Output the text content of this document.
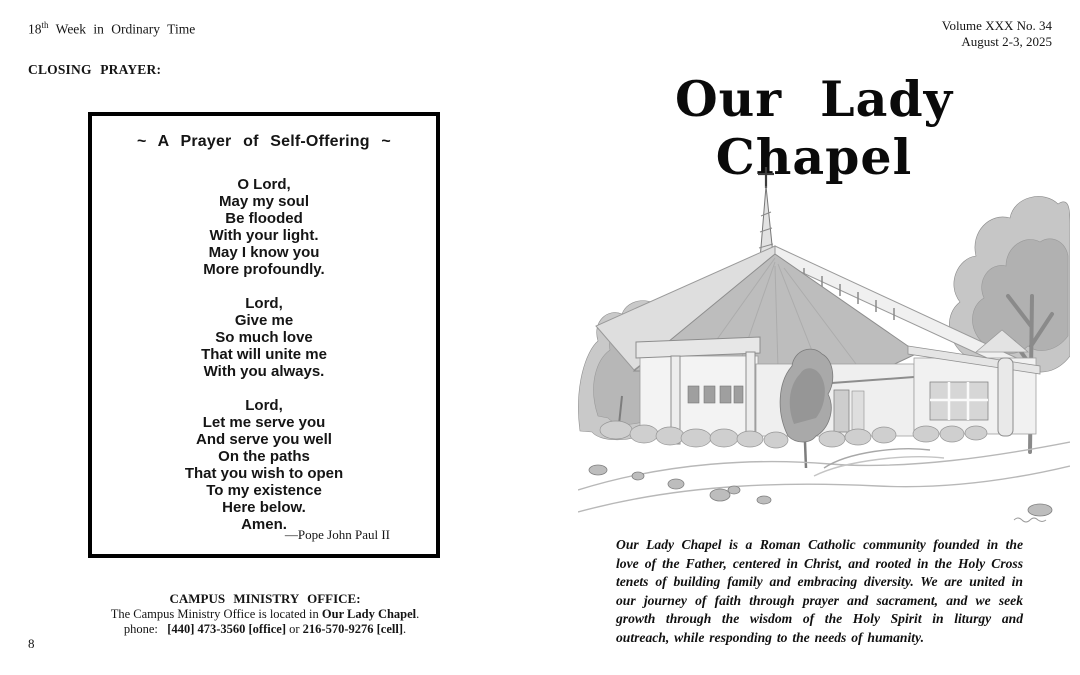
18th Week in Ordinary Time
CLOSING PRAYER:
~ A Prayer of Self-Offering ~
O Lord,
May my soul
Be flooded
With your light.
May I know you
More profoundly.
Lord,
Give me
So much love
That will unite me
With you always.
Lord,
Let me serve you
And serve you well
On the paths
That you wish to open
To my existence
Here below.
Amen.
—Pope John Paul II
CAMPUS MINISTRY OFFICE:
The Campus Ministry Office is located in Our Lady Chapel.
phone:  [440] 473-3560 [office] or 216-570-9276 [cell].
8
Volume XXX No. 34
August 2-3, 2025
Our Lady Chapel
Our Lady Chapel is a Roman Catholic community founded in the love of the Father, centered in Christ, and rooted in the Holy Cross tenets of building family and embracing diversity. We are united in our journey of faith through prayer and sacrament, and we seek growth through the wisdom of the Holy Spirit in liturgy and outreach, while responding to the needs of humanity.
